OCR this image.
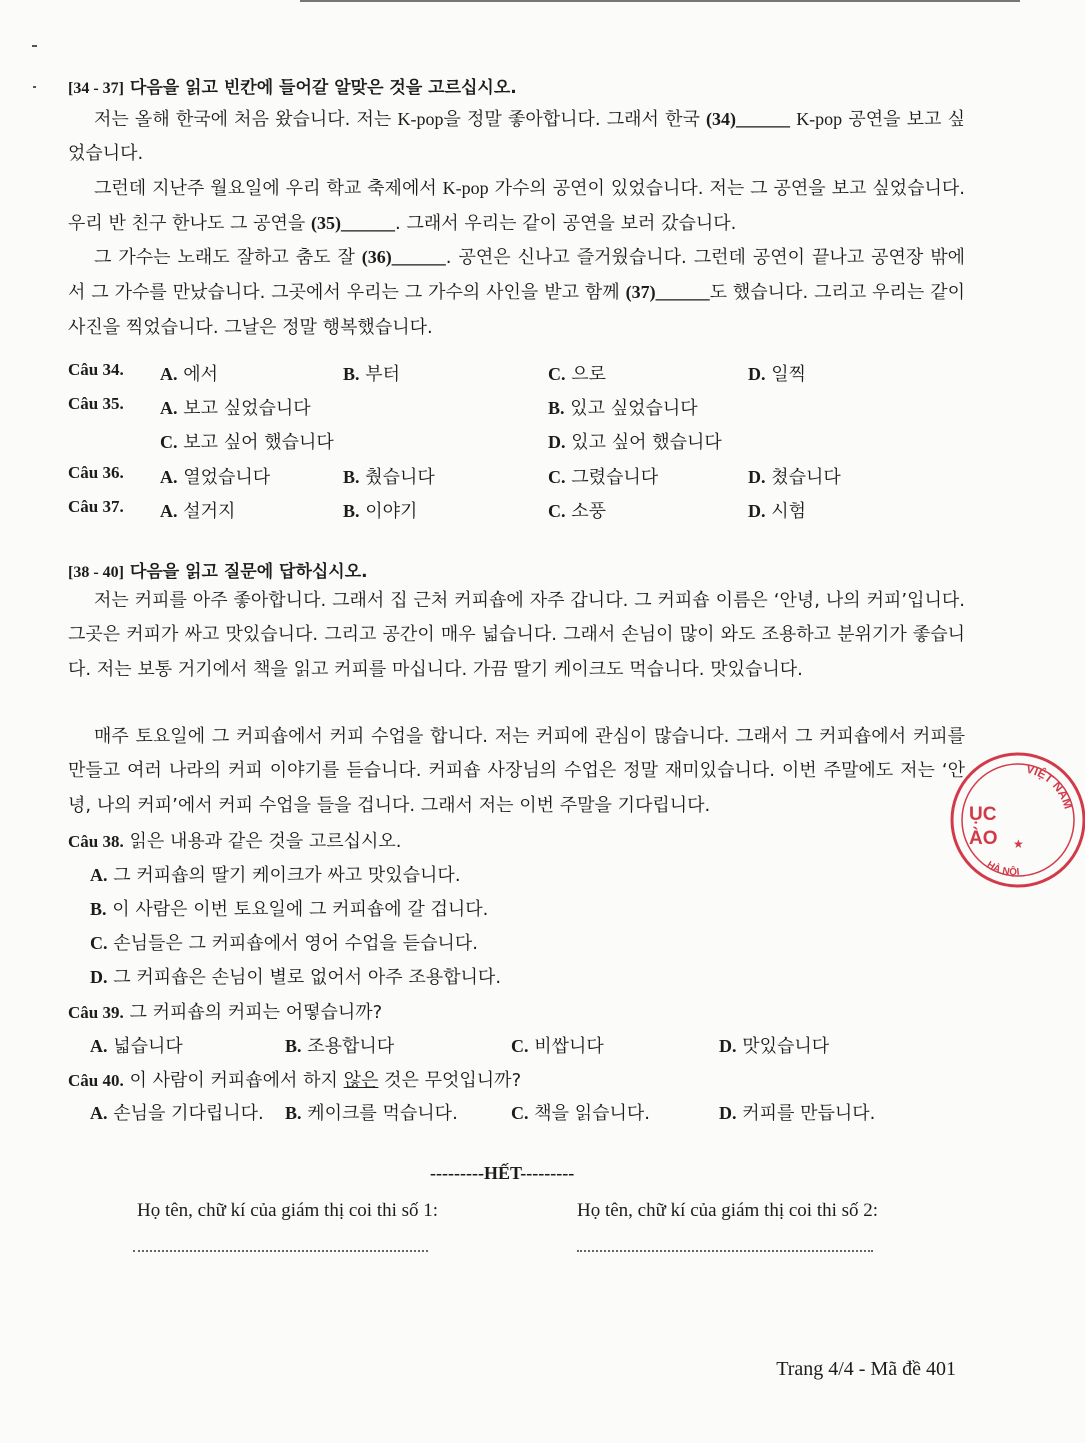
[34 - 37] 다음을 읽고 빈칸에 들어갈 알맞은 것을 고르십시오.

저는 올해 한국에 처음 왔습니다. 저는 K-pop을 정말 좋아합니다. 그래서 한국 (34)______ K-pop 공연을 보고 싶었습니다.

그런데 지난주 월요일에 우리 학교 축제에서 K-pop 가수의 공연이 있었습니다. 저는 그 공연을 보고 싶었습니다. 우리 반 친구 한나도 그 공연을 (35)______. 그래서 우리는 같이 공연을 보러 갔습니다.

그 가수는 노래도 잘하고 춤도 잘 (36)______. 공연은 신나고 즐거웠습니다. 그런데 공연이 끝나고 공연장 밖에서 그 가수를 만났습니다. 그곳에서 우리는 그 가수의 사인을 받고 함께 (37)______도 했습니다. 그리고 우리는 같이 사진을 찍었습니다. 그날은 정말 행복했습니다.

Câu 34. A. 에서	B. 부터	C. 으로	D. 일찍
Câu 35. A. 보고 싶었습니다	B. 있고 싶었습니다
C. 보고 싶어 했습니다	D. 있고 싶어 했습니다
Câu 36. A. 열었습니다	B. 췄습니다	C. 그렸습니다	D. 쳤습니다
Câu 37. A. 설거지	B. 이야기	C. 소풍	D. 시험
[38 - 40] 다음을 읽고 질문에 답하십시오.

저는 커피를 아주 좋아합니다. 그래서 집 근처 커피숍에 자주 갑니다. 그 커피숍 이름은 ‘안녕, 나의 커피’입니다. 그곳은 커피가 싸고 맛있습니다. 그리고 공간이 매우 넓습니다. 그래서 손님이 많이 와도 조용하고 분위기가 좋습니다. 저는 보통 거기에서 책을 읽고 커피를 마십니다. 가끔 딸기 케이크도 먹습니다. 맛있습니다.

매주 토요일에 그 커피숍에서 커피 수업을 합니다. 저는 커피에 관심이 많습니다. 그래서 그 커피숍에서 커피를 만들고 여러 나라의 커피 이야기를 듣습니다. 커피숍 사장님의 수업은 정말 재미있습니다. 이번 주말에도 저는 ‘안녕, 나의 커피’에서 커피 수업을 들을 겁니다. 그래서 저는 이번 주말을 기다립니다.

Câu 38. 읽은 내용과 같은 것을 고르십시오.
A. 그 커피숍의 딸기 케이크가 싸고 맛있습니다.
B. 이 사람은 이번 토요일에 그 커피숍에 갈 겁니다.
C. 손님들은 그 커피숍에서 영어 수업을 듣습니다.
D. 그 커피숍은 손님이 별로 없어서 아주 조용합니다.
Câu 39. 그 커피숍의 커피는 어떻습니까?
A. 넓습니다	B. 조용합니다	C. 비쌉니다	D. 맛있습니다
Câu 40. 이 사람이 커피숍에서 하지 않은 것은 무엇입니까?
A. 손님을 기다립니다. B. 케이크를 먹습니다.	C. 책을 읽습니다.	D. 커피를 만듭니다.
---------HẾT---------
Họ tên, chữ kí của giám thị coi thi số 1:	Họ tên, chữ kí của giám thị coi thi số 2:
Trang 4/4 - Mã đề 401
VIỆT NAM
HÀ NỘI
ỤC
ÀO ★
